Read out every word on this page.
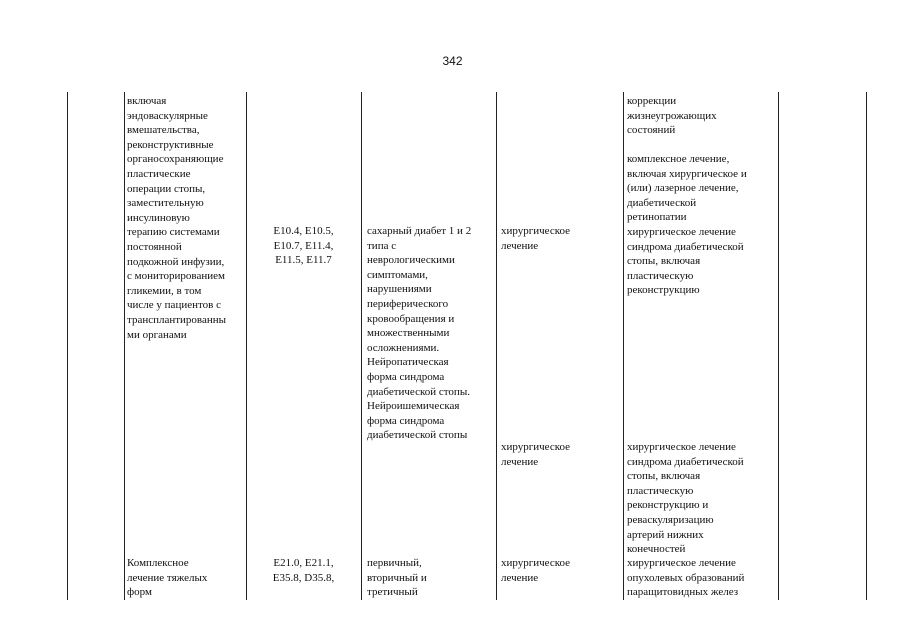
342
включая
эндоваскулярные
вмешательства,
реконструктивные
органосохраняющие
пластические
операции стопы,
заместительную
инсулиновую
терапию системами
постоянной
подкожной инфузии,
с мониторированием
гликемии, в том
числе у пациентов с
трансплантированны
ми органами
E10.4, E10.5,
E10.7, E11.4,
E11.5, E11.7
сахарный диабет 1 и 2
типа с
неврологическими
симптомами,
нарушениями
периферического
кровообращения и
множественными
осложнениями.
Нейропатическая
форма синдрома
диабетической стопы.
Нейроишемическая
форма синдрома
диабетической стопы
хирургическое
лечение
коррекции
жизнеугрожающих
состояний
комплексное лечение,
включая хирургическое и
(или) лазерное лечение,
диабетической
ретинопатии
хирургическое лечение
синдрома диабетической
стопы, включая
пластическую
реконструкцию
хирургическое
лечение
хирургическое лечение
синдрома диабетической
стопы, включая
пластическую
реконструкцию и
реваскуляризацию
артерий нижних
конечностей
Комплексное
лечение тяжелых
форм
E21.0, E21.1,
E35.8, D35.8,
первичный,
вторичный и
третичный
хирургическое
лечение
хирургическое лечение
опухолевых образований
паращитовидных желез
